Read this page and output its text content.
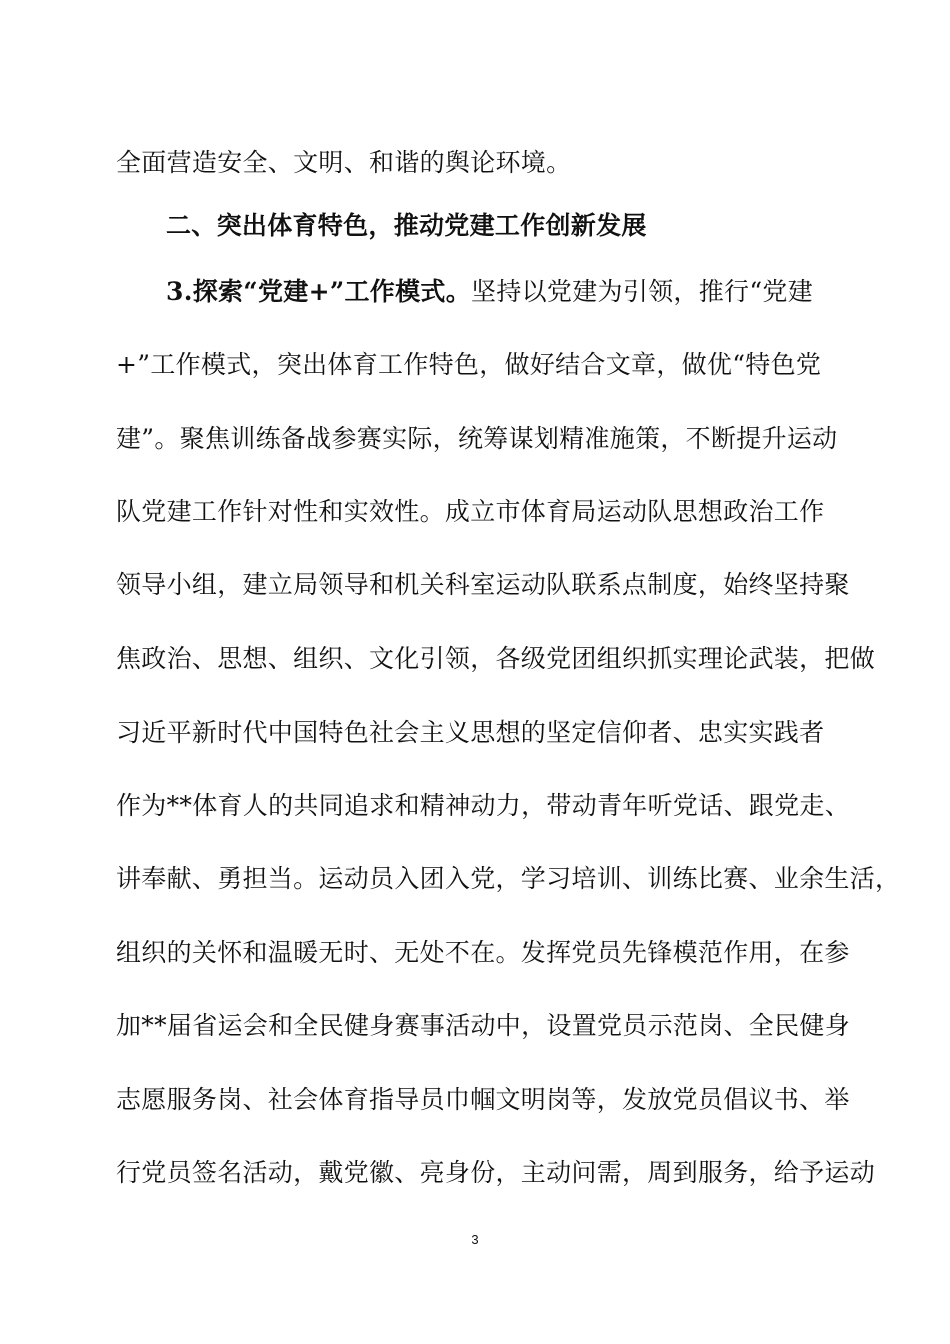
全面营造安全、文明、和谐的舆论环境。
二、突出体育特色，推动党建工作创新发展
3.探索“党建+”工作模式。坚持以党建为引领，推行“党建
+”工作模式，突出体育工作特色，做好结合文章，做优“特色党
建”。聚焦训练备战参赛实际，统筹谋划精准施策，不断提升运动
队党建工作针对性和实效性。成立市体育局运动队思想政治工作
领导小组，建立局领导和机关科室运动队联系点制度，始终坚持聚
焦政治、思想、组织、文化引领，各级党团组织抓实理论武装，把做
习近平新时代中国特色社会主义思想的坚定信仰者、忠实实践者
作为**体育人的共同追求和精神动力，带动青年听党话、跟党走、
讲奉献、勇担当。运动员入团入党，学习培训、训练比赛、业余生活，
组织的关怀和温暖无时、无处不在。发挥党员先锋模范作用，在参
加**届省运会和全民健身赛事活动中，设置党员示范岗、全民健身
志愿服务岗、社会体育指导员巾帼文明岗等，发放党员倡议书、举
行党员签名活动，戴党徽、亮身份，主动问需，周到服务，给予运动
3
